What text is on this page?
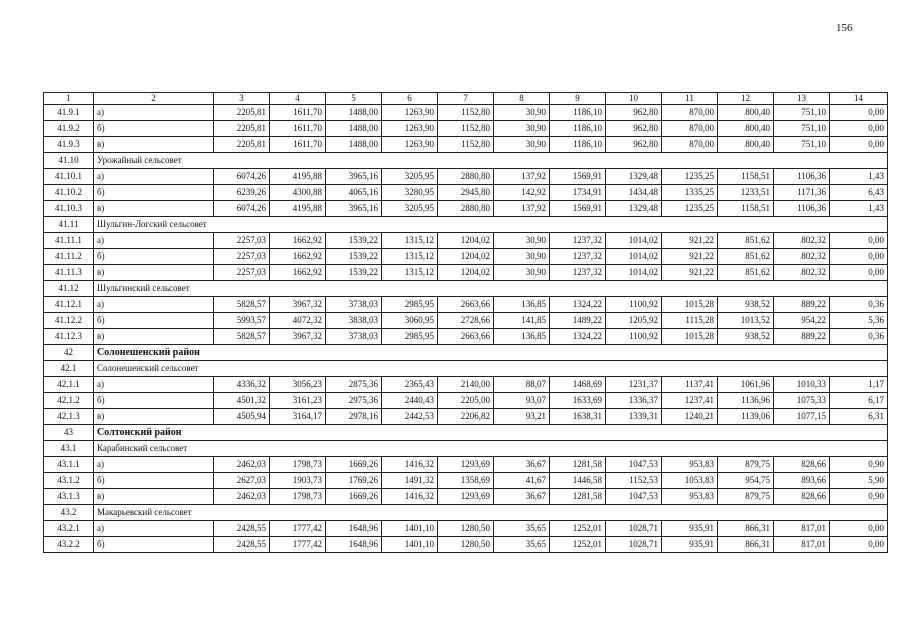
156
1	2	3	4	5	6	7	8	9	10	11	12	13	14
41.9.1	а)	2205,81	1611,70	1488,00	1263,90	1152,80	30,90	1186,10	962,80	870,00	800,40	751,10	0,00
41.9.2	б)	2205,81	1611,70	1488,00	1263,90	1152,80	30,90	1186,10	962,80	870,00	800,40	751,10	0,00
41.9.3	в)	2205,81	1611,70	1488,00	1263,90	1152,80	30,90	1186,10	962,80	870,00	800,40	751,10	0,00
41.10	Урожайный сельсовет												
41.10.1	а)	6074,26	4195,88	3965,16	3205,95	2880,80	137,92	1569,91	1329,48	1235,25	1158,51	1106,36	1,43
41.10.2	б)	6239,26	4300,88	4065,16	3280,95	2945,80	142,92	1734,91	1434,48	1335,25	1233,51	1171,36	6,43
41.10.3	в)	6074,26	4195,88	3965,16	3205,95	2880,80	137,92	1569,91	1329,48	1235,25	1158,51	1106,36	1,43
41.11	Шульгин-Логский сельсовет												
41.11.1	а)	2257,03	1662,92	1539,22	1315,12	1204,02	30,90	1237,32	1014,02	921,22	851,62	802,32	0,00
41.11.2	б)	2257,03	1662,92	1539,22	1315,12	1204,02	30,90	1237,32	1014,02	921,22	851,62	802,32	0,00
41.11.3	в)	2257,03	1662,92	1539,22	1315,12	1204,02	30,90	1237,32	1014,02	921,22	851,62	802,32	0,00
41.12	Шульгинский сельсовет												
41.12.1	а)	5828,57	3967,32	3738,03	2985,95	2663,66	136,85	1324,22	1100,92	1015,28	938,52	889,22	0,36
41.12.2	б)	5993,57	4072,32	3838,03	3060,95	2728,66	141,85	1489,22	1205,92	1115,28	1013,52	954,22	5,36
41.12.3	в)	5828,57	3967,32	3738,03	2985,95	2663,66	136,85	1324,22	1100,92	1015,28	938,52	889,22	0,36
42	Солонешенский район												
42.1	Солонешенский сельсовет												
42.1.1	а)	4336,32	3056,23	2875,36	2365,43	2140,00	88,07	1468,69	1231,37	1137,41	1061,96	1010,33	1,17
42.1.2	б)	4501,32	3161,23	2975,36	2440,43	2205,00	93,07	1633,69	1336,37	1237,41	1136,96	1075,33	6,17
42.1.3	в)	4505,94	3164,17	2978,16	2442,53	2206,82	93,21	1638,31	1339,31	1240,21	1139,06	1077,15	6,31
43	Солтонский район												
43.1	Карабинский сельсовет												
43.1.1	а)	2462,03	1798,73	1669,26	1416,32	1293,69	36,67	1281,58	1047,53	953,83	879,75	828,66	0,90
43.1.2	б)	2627,03	1903,73	1769,26	1491,32	1358,69	41,67	1446,58	1152,53	1053,83	954,75	893,66	5,90
43.1.3	в)	2462,03	1798,73	1669,26	1416,32	1293,69	36,67	1281,58	1047,53	953,83	879,75	828,66	0,90
43.2	Макарьевский сельсовет												
43.2.1	а)	2428,55	1777,42	1648,96	1401,10	1280,50	35,65	1252,01	1028,71	935,91	866,31	817,01	0,00
43.2.2	б)	2428,55	1777,42	1648,96	1401,10	1280,50	35,65	1252,01	1028,71	935,91	866,31	817,01	0,00
